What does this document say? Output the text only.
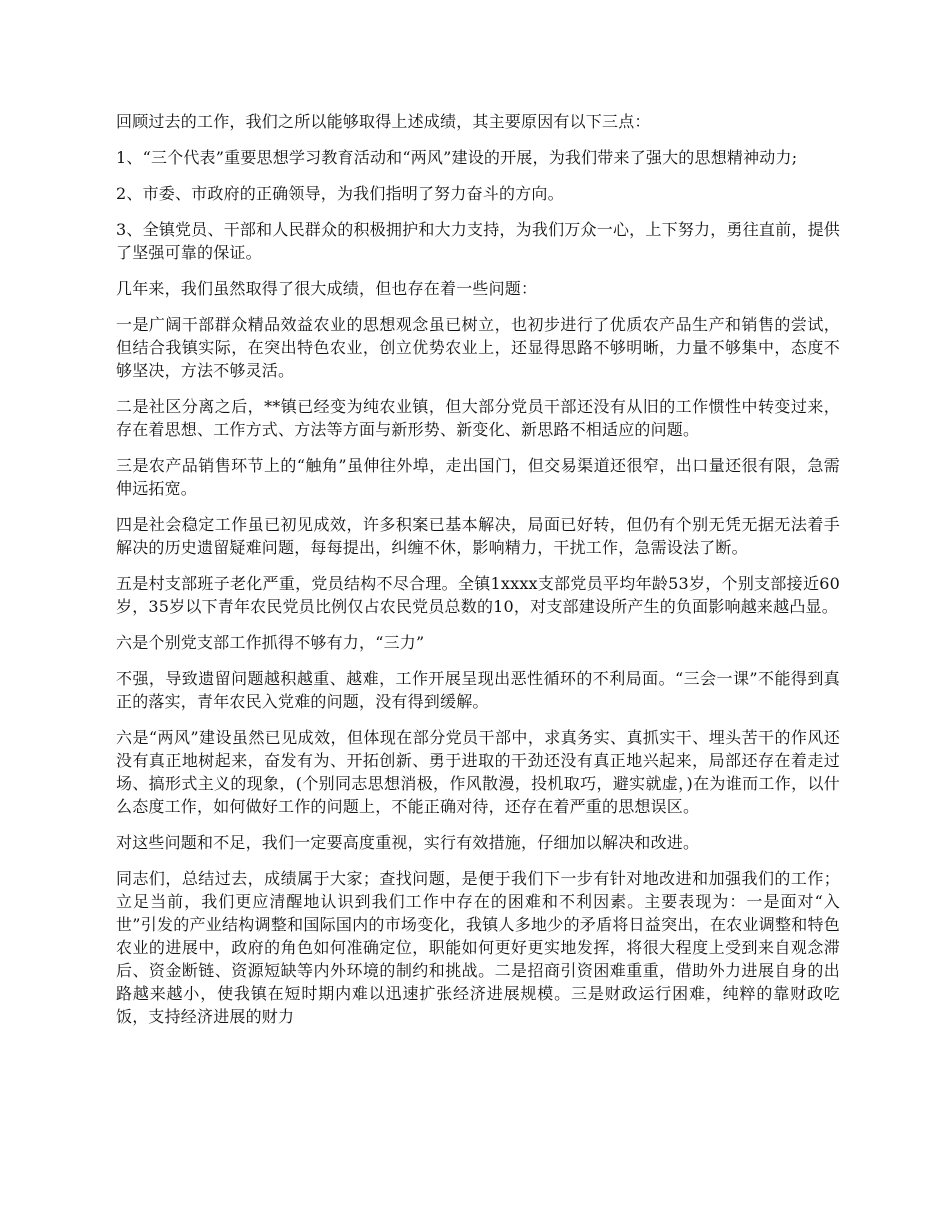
回顾过去的工作，我们之所以能够取得上述成绩，其主要原因有以下三点：

1、“三个代表”重要思想学习教育活动和“两风”建设的开展，为我们带来了强大的思想精神动力;

2、市委、市政府的正确领导，为我们指明了努力奋斗的方向。

3、全镇党员、干部和人民群众的积极拥护和大力支持，为我们万众一心，上下努力，勇往直前，提供了坚强可靠的保证。

几年来，我们虽然取得了很大成绩，但也存在着一些问题：

一是广阔干部群众精品效益农业的思想观念虽已树立，也初步进行了优质农产品生产和销售的尝试，但结合我镇实际，在突出特色农业，创立优势农业上，还显得思路不够明晰，力量不够集中，态度不够坚决，方法不够灵活。

二是社区分离之后，**镇已经变为纯农业镇，但大部分党员干部还没有从旧的工作惯性中转变过来，存在着思想、工作方式、方法等方面与新形势、新变化、新思路不相适应的问题。

三是农产品销售环节上的“触角”虽伸往外埠，走出国门，但交易渠道还很窄，出口量还很有限，急需伸远拓宽。

四是社会稳定工作虽已初见成效，许多积案已基本解决，局面已好转，但仍有个别无凭无据无法着手解决的历史遗留疑难问题，每每提出，纠缠不休，影响精力，干扰工作，急需设法了断。

五是村支部班子老化严重，党员结构不尽合理。全镇1xxxx支部党员平均年龄53岁，个别支部接近60岁，35岁以下青年农民党员比例仅占农民党员总数的10，对支部建设所产生的负面影响越来越凸显。

六是个别党支部工作抓得不够有力，“三力”

不强，导致遗留问题越积越重、越难，工作开展呈现出恶性循环的不利局面。“三会一课”不能得到真正的落实，青年农民入党难的问题，没有得到缓解。

六是“两风”建设虽然已见成效，但体现在部分党员干部中，求真务实、真抓实干、埋头苦干的作风还没有真正地树起来，奋发有为、开拓创新、勇于进取的干劲还没有真正地兴起来，局部还存在着走过场、搞形式主义的现象，(个别同志思想消极，作风散漫，投机取巧，避实就虚，)在为谁而工作，以什么态度工作，如何做好工作的问题上，不能正确对待，还存在着严重的思想误区。

对这些问题和不足，我们一定要高度重视，实行有效措施，仔细加以解决和改进。

同志们，总结过去，成绩属于大家；查找问题，是便于我们下一步有针对地改进和加强我们的工作；立足当前，我们更应清醒地认识到我们工作中存在的困难和不利因素。主要表现为：一是面对“入世”引发的产业结构调整和国际国内的市场变化，我镇人多地少的矛盾将日益突出，在农业调整和特色农业的进展中，政府的角色如何准确定位，职能如何更好更实地发挥，将很大程度上受到来自观念滞后、资金断链、资源短缺等内外环境的制约和挑战。二是招商引资困难重重，借助外力进展自身的出路越来越小，使我镇在短时期内难以迅速扩张经济进展规模。三是财政运行困难，纯粹的靠财政吃饭，支持经济进展的财力
